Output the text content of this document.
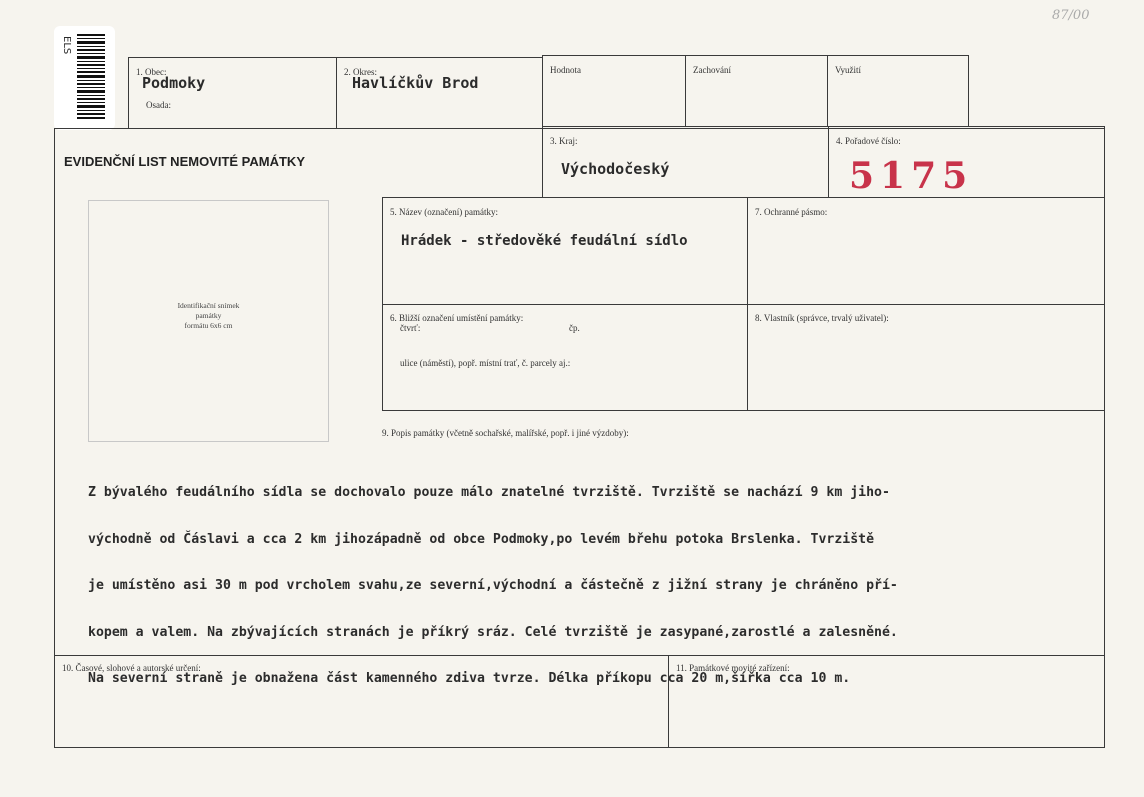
87/00
ELS
1. Obec:
Podmoky
Osada:
2. Okres:
Havlíčkův Brod
Hodnota	Zachování	Využití
EVIDENČNÍ LIST NEMOVITÉ PAMÁTKY
3. Kraj:
Východočeský
4. Pořadové číslo:
5175
Identifikační snímek
památky
formátu 6x6 cm
5. Název (označení) památky:
Hrádek - středověké feudální sídlo
7. Ochranné pásmo:
6. Bližší označení umístění památky:
čtvrť:	čp.
ulice (náměstí), popř. místní trať, č. parcely aj.:
8. Vlastník (správce, trvalý uživatel):
9. Popis památky (včetně sochařské, malířské, popř. i jiné výzdoby):

Z bývalého feudálního sídla se dochovalo pouze málo znatelné tvrziště. Tvrziště se nachází 9 km jiho-

východně od Čáslavi a cca 2 km jihozápadně od obce Podmoky,po levém břehu potoka Brslenka. Tvrziště

je umístěno asi 30 m pod vrcholem svahu,ze severní,východní a částečně z jižní strany je chráněno pří-

kopem a valem. Na zbývajících stranách je příkrý sráz. Celé tvrziště je zasypané,zarostlé a zalesněné.

Na severní straně je obnažena část kamenného zdiva tvrze. Délka příkopu cca 20 m,šířka cca 10 m.

10. Časové, slohové a autorské určení:	11. Památkové movité zařízení:
